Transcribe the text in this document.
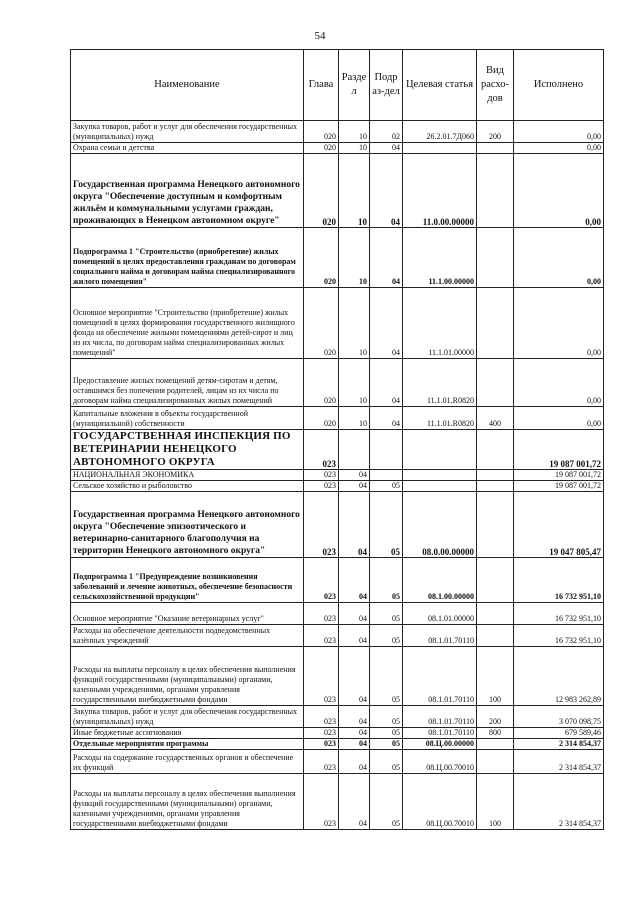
54
Наименование	Глава	Разде л	Подр аз-дел	Целевая статья	Вид расхо-дов	Исполнено
Закупка товаров, работ и услуг для обеспечения государственных (муниципальных) нужд	020	10	02	26.2.01.7Д060	200	0,00
Охрана семьи и детства	020	10	04			0,00
Государственная программа Ненецкого автономного округа "Обеспечение доступным и комфортным жильём и коммунальными услугами граждан, проживающих в Ненецком автономном округе"	020	10	04	11.0.00.00000		0,00
Подпрограмма 1 "Строительство (приобретение) жилых помещений в целях предоставления гражданам по договорам социального найма и договорам найма специализированного жилого помещения"	020	10	04	11.1.00.00000		0,00
Основное мероприятие "Строительство (приобретение) жилых помещений в целях формирования государственного жилищного фонда на обеспечение жилыми помещениями детей-сирот и лиц из их числа, по договорам найма специализированных жилых помещений"	020	10	04	11.1.01.00000		0,00
Предоставление жилых помещений детям-сиротам и детям, оставшимся без попечения родителей, лицам из их числа по договорам найма специализированных жилых помещений	020	10	04	11.1.01.R0820		0,00
Капитальные вложения в объекты государственной (муниципальной) собственности	020	10	04	11.1.01.R0820	400	0,00
ГОСУДАРСТВЕННАЯ ИНСПЕКЦИЯ ПО ВЕТЕРИНАРИИ НЕНЕЦКОГО АВТОНОМНОГО ОКРУГА	023					19 087 001,72
НАЦИОНАЛЬНАЯ ЭКОНОМИКА	023	04				19 087 001,72
Сельское хозяйство и рыболовство	023	04	05			19 087 001,72
Государственная программа Ненецкого автономного округа "Обеспечение эпизоотического и ветеринарно-санитарного благополучия на территории Ненецкого автономного округа"	023	04	05	08.0.00.00000		19 047 805,47
Подпрограмма 1 "Предупреждение возникновения заболеваний и лечение животных, обеспечение безопасности сельскохозяйственной продукции"	023	04	05	08.1.00.00000		16 732 951,10
Основное мероприятие "Оказание ветеринарных услуг"	023	04	05	08.1.01.00000		16 732 951,10
Расходы на обеспечение деятельности подведомственных казённых учреждений	023	04	05	08.1.01.70110		16 732 951,10
Расходы на выплаты персоналу в целях обеспечения выполнения функций государственными (муниципальными) органами, казенными учреждениями, органами управления государственными внебюджетными фондами	023	04	05	08.1.01.70110	100	12 983 262,89
Закупка товаров, работ и услуг для обеспечения государственных (муниципальных) нужд	023	04	05	08.1.01.70110	200	3 070 098,75
Иные бюджетные ассигнования	023	04	05	08.1.01.70110	800	679 589,46
Отдельные мероприятия программы	023	04	05	08.Ц.00.00000		2 314 854,37
Расходы на содержание государственных органов и обеспечение их функций	023	04	05	08.Ц.00.70010		2 314 854,37
Расходы на выплаты персоналу в целях обеспечения выполнения функций государственными (муниципальными) органами, казенными учреждениями, органами управления государственными внебюджетными фондами	023	04	05	08.Ц.00.70010	100	2 314 854,37
